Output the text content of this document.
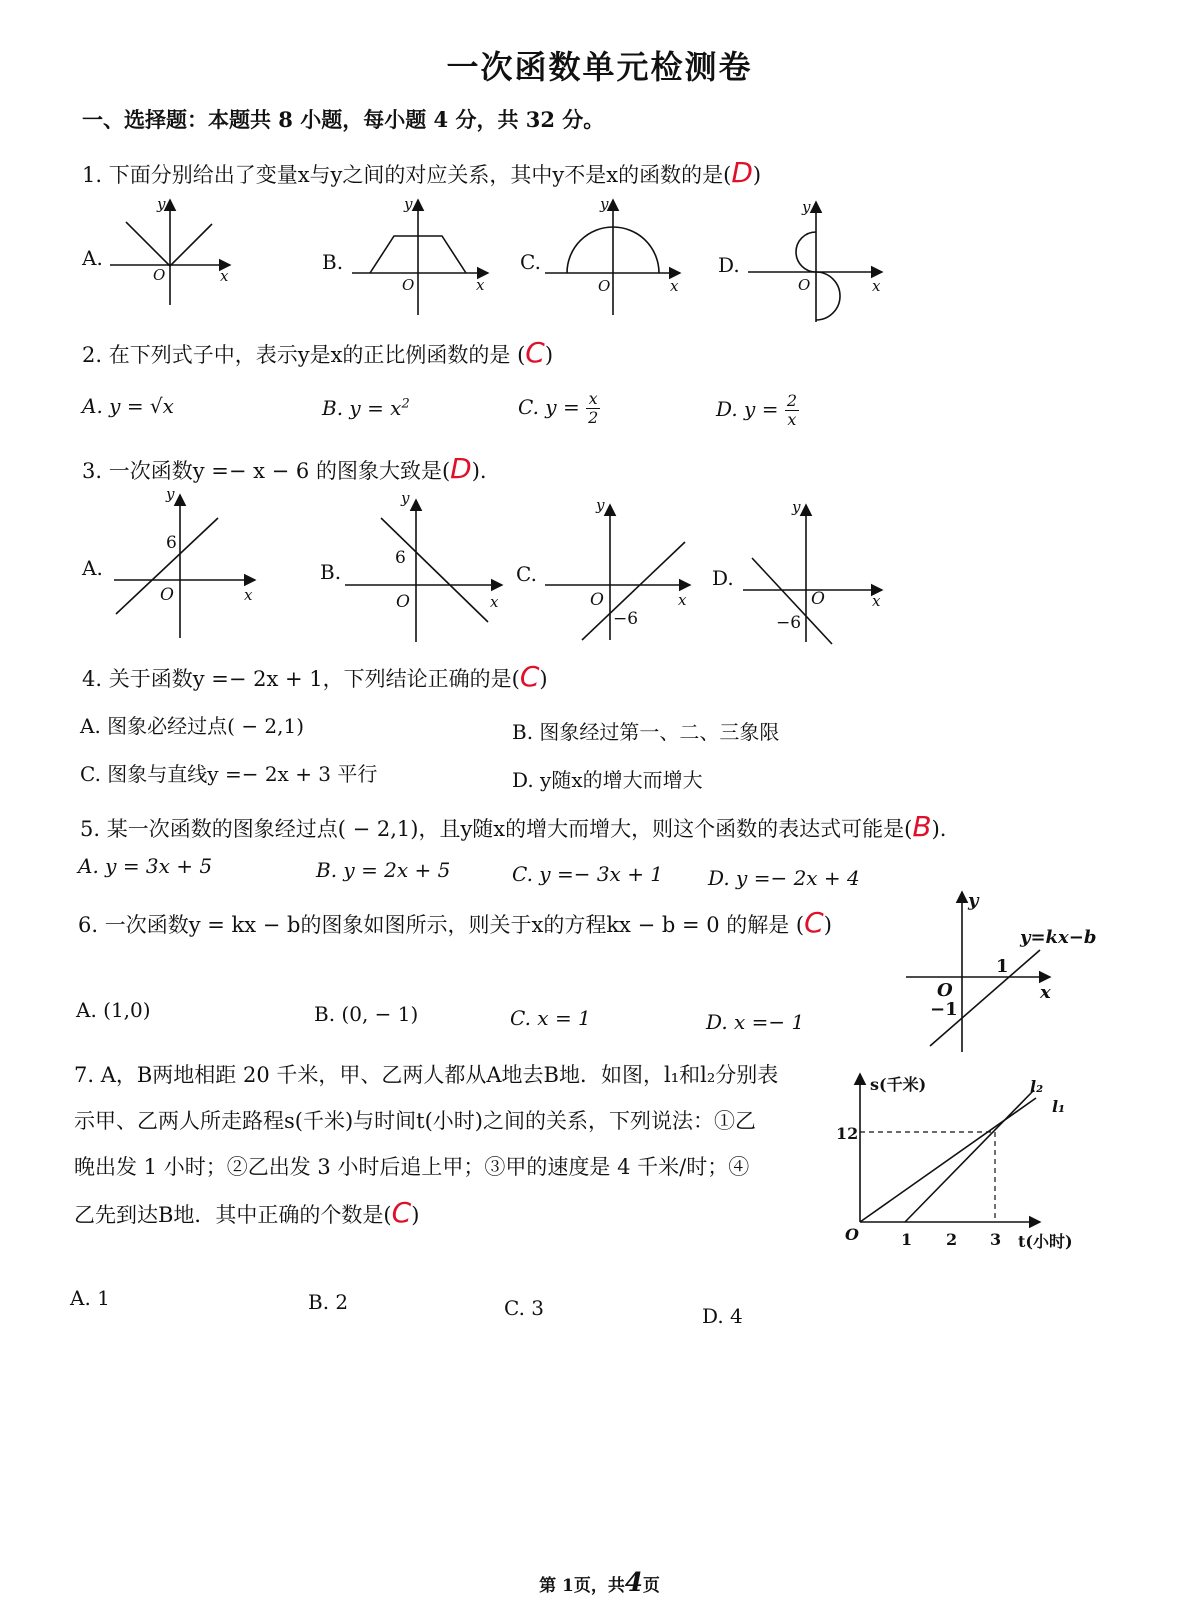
一次函数单元检测卷
一、选择题：本题共 8 小题，每小题 4 分，共 32 分。
1. 下面分别给出了变量x与y之间的对应关系，其中y不是x的函数的是(D)
A.	B.	C.	D.
y
O	x
y
O	x
y
O	x
y
O	x
y
6
O	x
y
6
O	x
y
O
−6
x
y
O
−6
x
y
y=kx−b
1
O
−1
x
s(千米)
12
O	1 2 3 t(小时)
l₂
l₁
2. 在下列式子中，表示y是x的正比例函数的是 (C)
A. y = √x	B. $y = x^2$	C. $y = \frac{x}{2}$	D. $y = \frac{2}{x}$
3. 一次函数y =− x − 6 的图象大致是(D).
A.	B.	C.	D.
4. 关于函数y =− 2x + 1，下列结论正确的是(C)
A. 图象必经过点( − 2,1)	B. 图象经过第一、二、三象限
C. 图象与直线y =− 2x + 3 平行	D. y随x的增大而增大
5. 某一次函数的图象经过点( − 2,1)，且y随x的增大而增大，则这个函数的表达式可能是(B).
A. y = 3x + 5	B. y = 2x + 5	C. y =− 3x + 1 D. y =− 2x + 4
6. 一次函数y = kx − b的图象如图所示，则关于x的方程kx − b = 0 的解是 (C)
A. (1,0)	B. (0, − 1)	C. x = 1	D. x =− 1
7. A，B两地相距 20 千米，甲、乙两人都从A地去B地．如图，l₁和l₂分别表
示甲、乙两人所走路程s(千米)与时间t(小时)之间的关系，下列说法：①乙
晚出发 1 小时；②乙出发 3 小时后追上甲；③甲的速度是 4 千米/时；④
乙先到达B地．其中正确的个数是(C)
A. 1	B. 2	C. 3	D. 4
第 1页，共4页
